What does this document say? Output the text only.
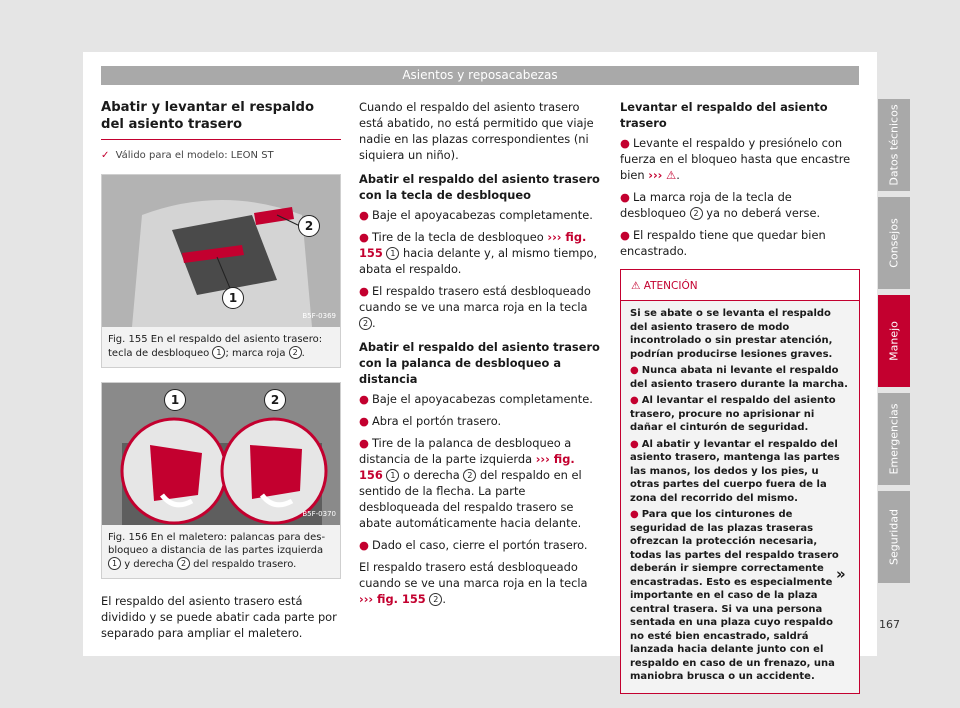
Asientos y reposacabezas

Abatir y levantar el respaldo del asiento trasero

✓ Válido para el modelo: LEON ST
1
2
B5F-0369
Fig. 155 En el respaldo del asiento trasero: tecla de desbloqueo 1 ; marca roja 2 .
1	2
B5F-0370
Fig. 156 En el maletero: palancas para desbloqueo a distancia de las partes izquierda 1 y derecha 2 del respaldo trasero.

El respaldo del asiento trasero está dividido y se puede abatir cada parte por separado para ampliar el maletero.

Cuando el respaldo del asiento trasero está abatido, no está permitido que viaje nadie en las plazas correspondientes (ni siquiera un niño).

Abatir el respaldo del asiento trasero con la tecla de desbloqueo

● Baje el apoyacabezas completamente.

● Tire de la tecla de desbloqueo ››› fig. 155 1 hacia delante y, al mismo tiempo, abata el respaldo.

● El respaldo trasero está desbloqueado cuando se ve una marca roja en la tecla 2 .

Abatir el respaldo del asiento trasero con la palanca de desbloqueo a distancia

● Baje el apoyacabezas completamente.

● Abra el portón trasero.

● Tire de la palanca de desbloqueo a distancia de la parte izquierda ››› fig. 156 1 o derecha 2 del respaldo en el sentido de la flecha. La parte desbloqueada del respaldo trasero se abate automáticamente hacia delante.

● Dado el caso, cierre el portón trasero.

El respaldo trasero está desbloqueado cuando se ve una marca roja en la tecla ››› fig. 155 2 .

Levantar el respaldo del asiento trasero

● Levante el respaldo y presiónelo con fuerza en el bloqueo hasta que encastre bien ››› ⚠.

● La marca roja de la tecla de desbloqueo 2 ya no deberá verse.

● El respaldo tiene que quedar bien encastrado.

⚠ ATENCIÓN

Si se abate o se levanta el respaldo del asiento trasero de modo incontrolado o sin prestar atención, podrían producirse lesiones graves.

● Nunca abata ni levante el respaldo del asiento trasero durante la marcha.

● Al levantar el respaldo del asiento trasero, procure no aprisionar ni dañar el cinturón de seguridad.

● Al abatir y levantar el respaldo del asiento trasero, mantenga las partes las manos, los dedos y los pies, u otras partes del cuerpo fuera de la zona del recorrido del mismo.

● Para que los cinturones de seguridad de las plazas traseras ofrezcan la protección necesaria, todas las partes del respaldo trasero deberán ir siempre correctamente encastradas. Esto es especialmente importante en el caso de la plaza central trasera. Si va una persona sentada en una plaza cuyo respaldo no esté bien encastrado, saldrá lanzada hacia delante junto con el respaldo en caso de un frenazo, una maniobra brusca o un accidente.

»
Datos técnicos
Consejos
Manejo
Emergencias
Seguridad
167
